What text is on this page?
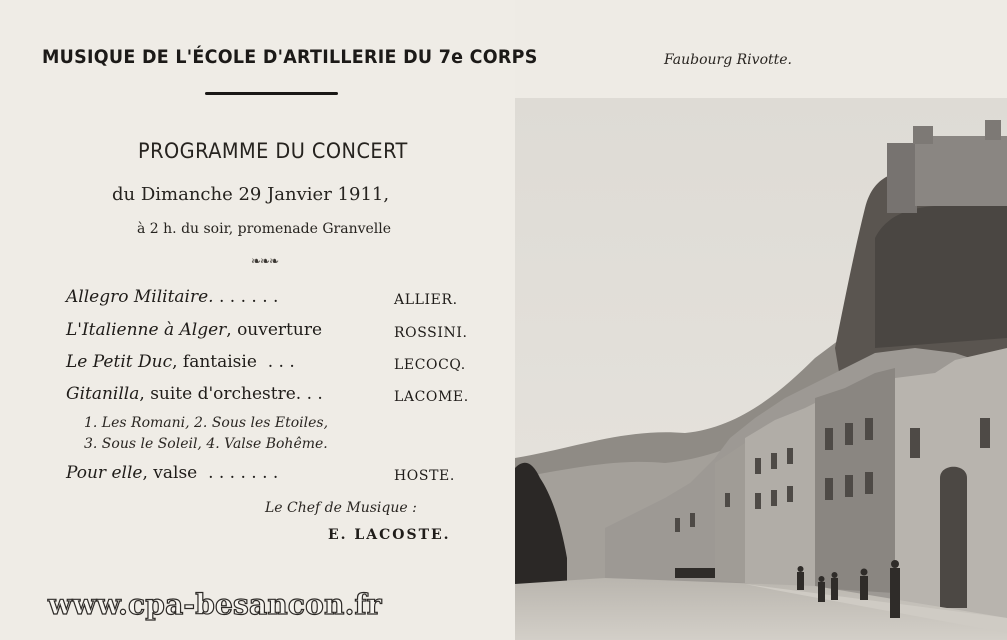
MUSIQUE DE L'ÉCOLE D'ARTILLERIE DU 7e CORPS
PROGRAMME DU CONCERT
du Dimanche 29 Janvier 1911,
à 2 h. du soir, promenade Granvelle
❧❧❧
Allegro Militaire. . . . . . .	ALLIER.
L'Italienne à Alger, ouverture	ROSSINI.
Le Petit Duc, fantaisie . . .	LECOCQ.
Gitanilla, suite d'orchestre. . .	LACOME.
1. Les Romani, 2. Sous les Etoiles,
3. Sous le Soleil, 4. Valse Bohême.
Pour elle, valse . . . . . . .	HOSTE.
Le Chef de Musique :
E. LACOSTE.
Faubourg Rivotte.
www.cpa-besancon.fr
